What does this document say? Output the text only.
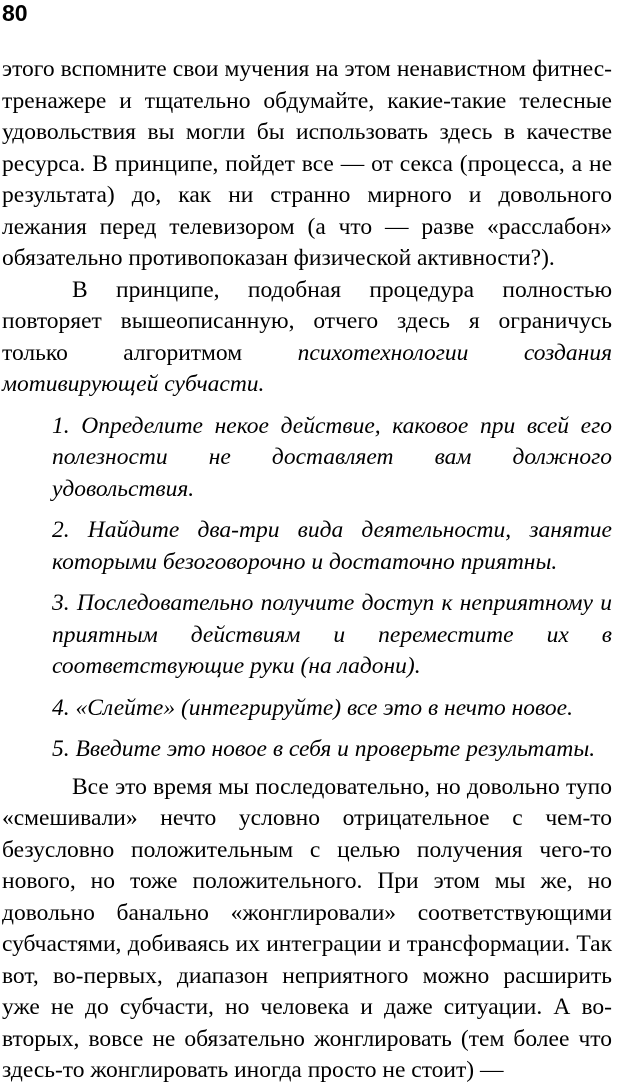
80

этого вспомните свои мучения на этом ненавистном фитнес-тренажере и тщательно обдумайте, какие-такие телесные удовольствия вы могли бы использовать здесь в качестве ресурса. В принципе, пойдет все — от секса (процесса, а не результата) до, как ни странно мирного и довольного лежания перед телевизором (а что — разве «расслабон» обязательно противопоказан физической активности?).

В принципе, подобная процедура полностью повторяет вышеописанную, отчего здесь я ограничусь только алгоритмом психотехнологии создания мотивирующей субчасти.

1. Определите некое действие, каковое при всей его полезности не доставляет вам должного удовольствия.

2. Найдите два-три вида деятельности, занятие которыми безоговорочно и достаточно приятны.

3. Последовательно получите доступ к неприятному и приятным действиям и переместите их в соответствующие руки (на ладони).

4. «Слейте» (интегрируйте) все это в нечто новое.

5. Введите это новое в себя и проверьте результаты.

Все это время мы последовательно, но довольно тупо «смешивали» нечто условно отрицательное с чем-то безусловно положительным с целью получения чего-то нового, но тоже положительного. При этом мы же, но довольно банально «жонглировали» соответствующими субчастями, добиваясь их интеграции и трансформации. Так вот, во-первых, диапазон неприятного можно расширить уже не до субчасти, но человека и даже ситуации. А во-вторых, вовсе не обязательно жонглировать (тем более что здесь-то жонглировать иногда просто не стоит) —
